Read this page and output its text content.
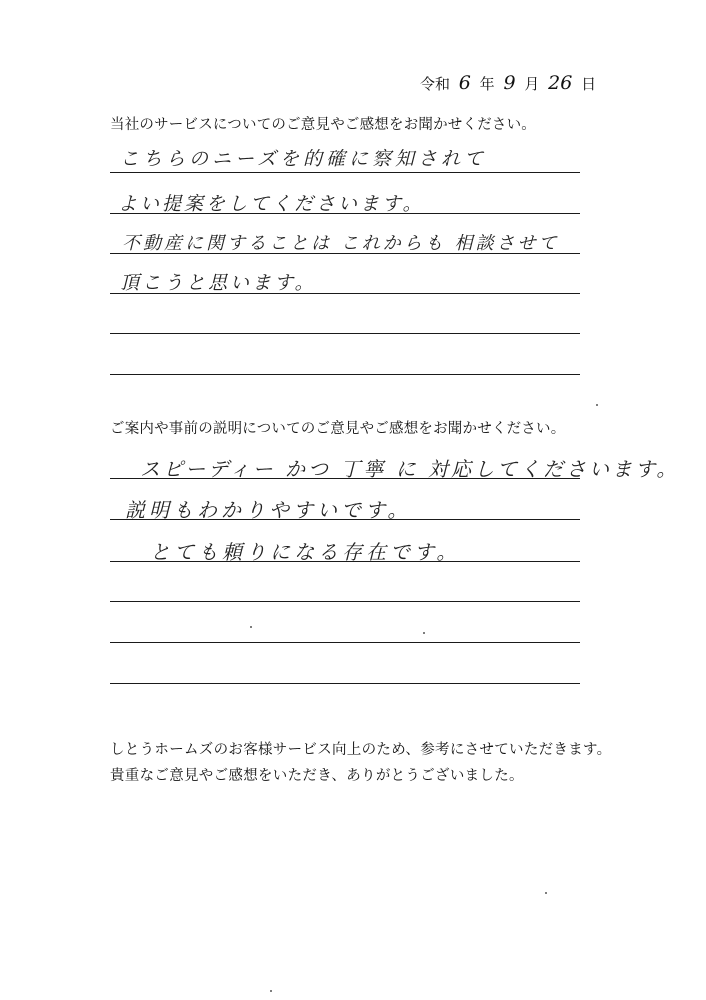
令和 6 年 9 月 26 日
当社のサービスについてのご意見やご感想をお聞かせください。
こちらのニーズを的確に察知されて
よい提案をしてくださいます。
不動産に関することは これからも 相談させて
頂こうと思います。
ご案内や事前の説明についてのご意見やご感想をお聞かせください。
スピーディー かつ 丁寧 に 対応してくださいます。
説明もわかりやすいです。
とても頼りになる存在です。
しとうホームズのお客様サービス向上のため、参考にさせていただきます。
貴重なご意見やご感想をいただき、ありがとうございました。
